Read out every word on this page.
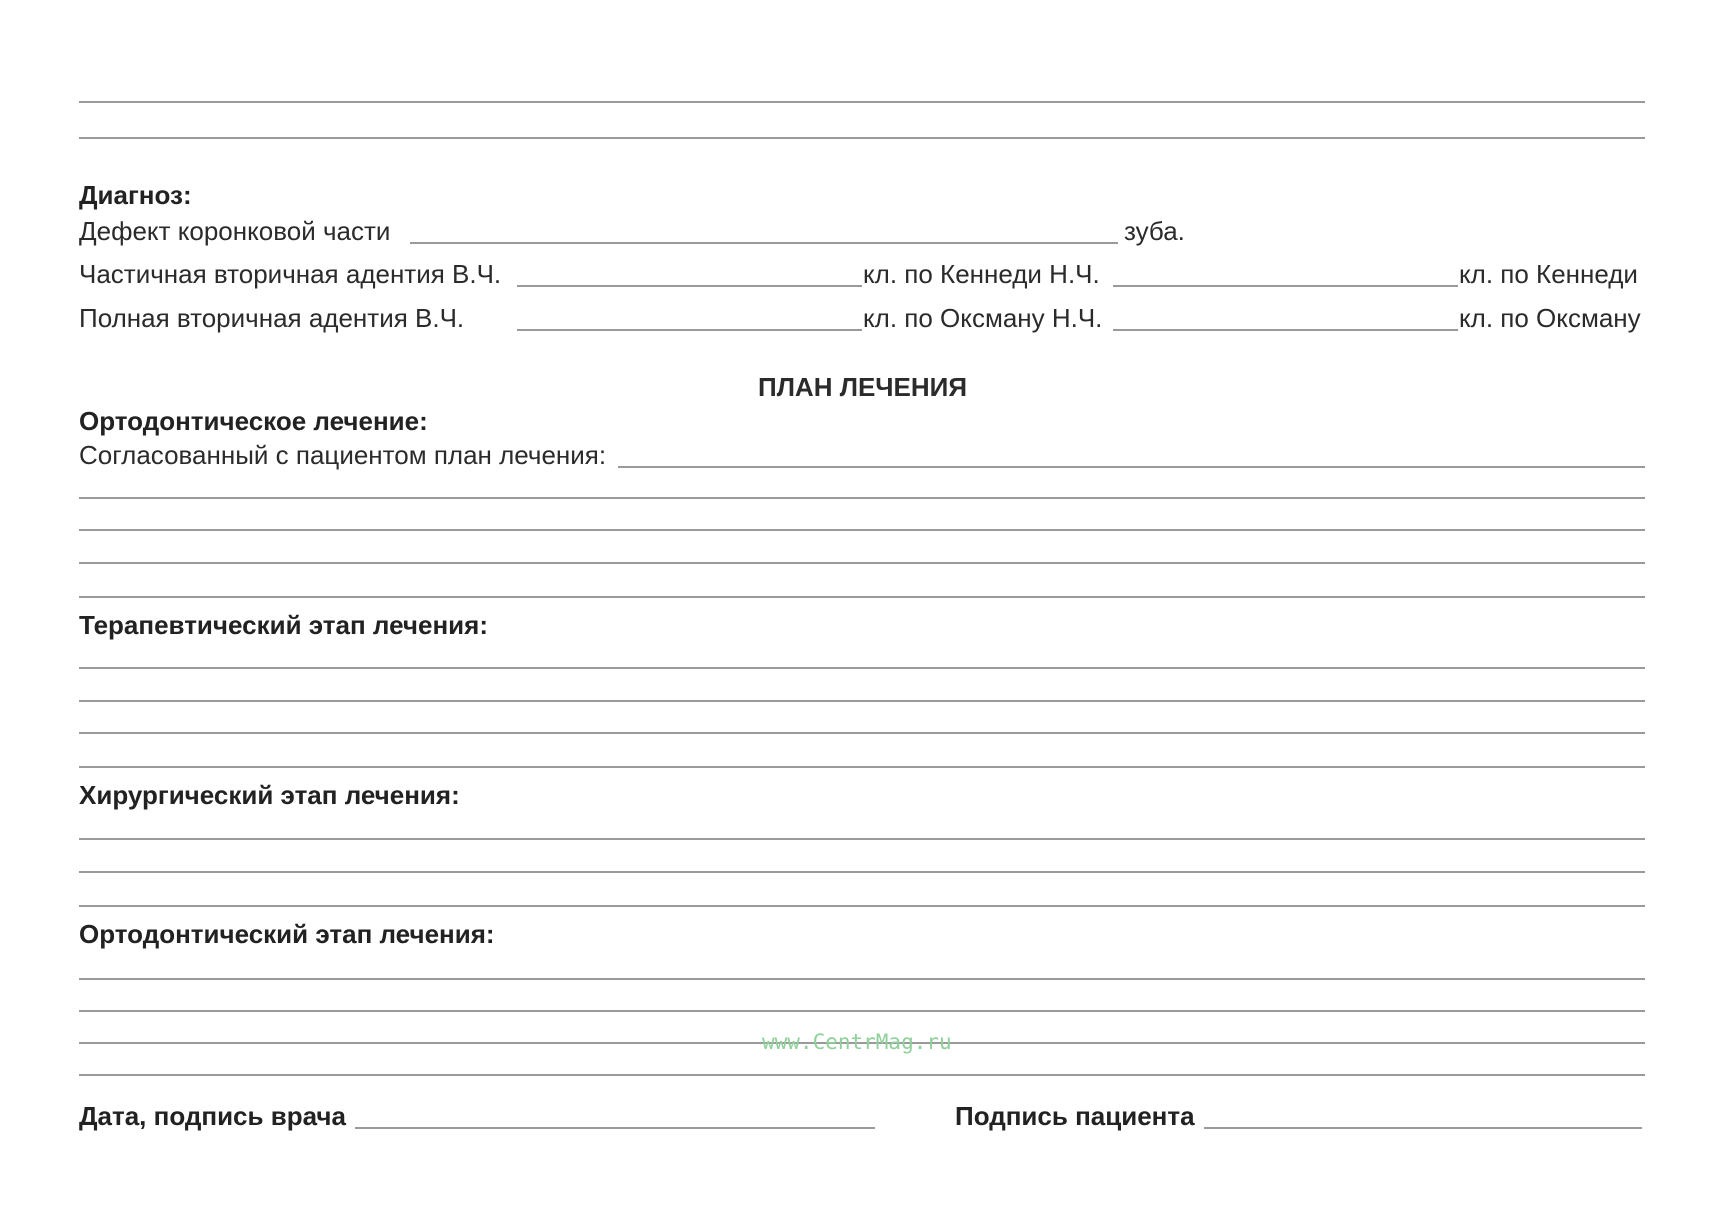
Диагноз:
Дефект коронковой части	зуба.
Частичная вторичная адентия В.Ч.	кл. по Кеннеди Н.Ч.	кл. по Кеннеди
Полная вторичная адентия В.Ч.	кл. по Оксману Н.Ч.	кл. по Оксману
ПЛАН ЛЕЧЕНИЯ
Ортодонтическое лечение:
Согласованный с пациентом план лечения:
Терапевтический этап лечения:
Хирургический этап лечения:
Ортодонтический этап лечения:
www.CentrMag.ru
Дата, подпись врача	Подпись пациента
